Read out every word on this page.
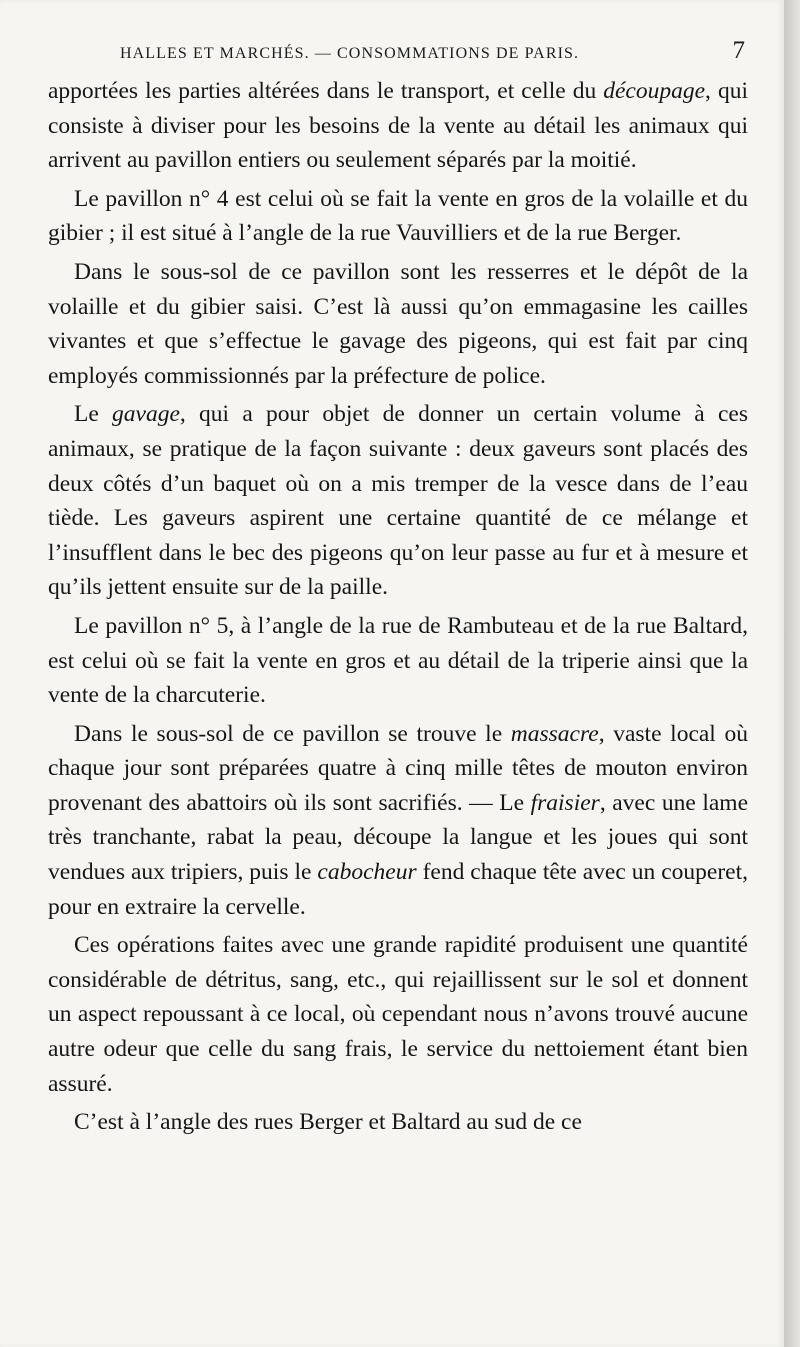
HALLES ET MARCHÉS. — CONSOMMATIONS DE PARIS.	7

apportées les parties altérées dans le transport, et celle du découpage, qui consiste à diviser pour les besoins de la vente au détail les animaux qui arrivent au pavillon entiers ou seulement séparés par la moitié.

Le pavillon n° 4 est celui où se fait la vente en gros de la volaille et du gibier ; il est situé à l’angle de la rue Vauvilliers et de la rue Berger.

Dans le sous-sol de ce pavillon sont les resserres et le dépôt de la volaille et du gibier saisi. C’est là aussi qu’on emmagasine les cailles vivantes et que s’effectue le gavage des pigeons, qui est fait par cinq employés commissionnés par la préfecture de police.

Le gavage, qui a pour objet de donner un certain volume à ces animaux, se pratique de la façon suivante : deux gaveurs sont placés des deux côtés d’un baquet où on a mis tremper de la vesce dans de l’eau tiède. Les gaveurs aspirent une certaine quantité de ce mélange et l’insufflent dans le bec des pigeons qu’on leur passe au fur et à mesure et qu’ils jettent ensuite sur de la paille.

Le pavillon n° 5, à l’angle de la rue de Rambuteau et de la rue Baltard, est celui où se fait la vente en gros et au détail de la triperie ainsi que la vente de la charcuterie.

Dans le sous-sol de ce pavillon se trouve le massacre, vaste local où chaque jour sont préparées quatre à cinq mille têtes de mouton environ provenant des abattoirs où ils sont sacrifiés. — Le fraisier, avec une lame très tranchante, rabat la peau, découpe la langue et les joues qui sont vendues aux tripiers, puis le cabocheur fend chaque tête avec un couperet, pour en extraire la cervelle.

Ces opérations faites avec une grande rapidité produisent une quantité considérable de détritus, sang, etc., qui rejaillissent sur le sol et donnent un aspect repoussant à ce local, où cependant nous n’avons trouvé aucune autre odeur que celle du sang frais, le service du nettoiement étant bien assuré.

C’est à l’angle des rues Berger et Baltard au sud de ce
